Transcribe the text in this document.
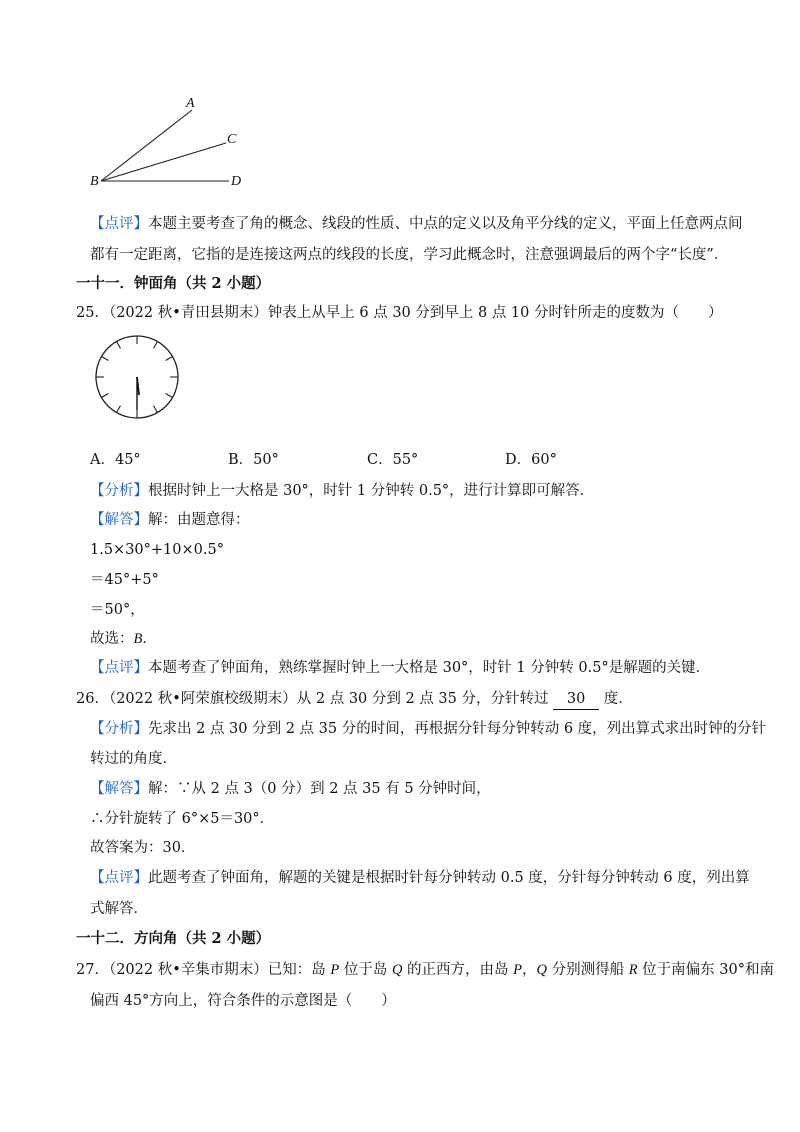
A
C
B	D
【点评】本题主要考查了角的概念、线段的性质、中点的定义以及角平分线的定义，平面上任意两点间
都有一定距离，它指的是连接这两点的线段的长度，学习此概念时，注意强调最后的两个字“长度”．
一十一．钟面角（共 2 小题）
25．（2022 秋•青田县期末）钟表上从早上 6 点 30 分到早上 8 点 10 分时针所走的度数为（　　）
A．45°	B．50°	C．55°	D．60°
【分析】根据时钟上一大格是 30°，时针 1 分钟转 0.5°，进行计算即可解答．
【解答】解：由题意得：
1.5×30°+10×0.5°
＝45°+5°
＝50°，
故选：B．
【点评】本题考查了钟面角，熟练掌握时钟上一大格是 30°，时针 1 分钟转 0.5°是解题的关键．
26．（2022 秋•阿荣旗校级期末）从 2 点 30 分到 2 点 35 分，分针转过 30 度．
【分析】先求出 2 点 30 分到 2 点 35 分的时间，再根据分针每分钟转动 6 度，列出算式求出时钟的分针
转过的角度．
【解答】解：∵从 2 点 3（0 分）到 2 点 35 有 5 分钟时间，
∴分针旋转了 6°×5＝30°．
故答案为：30．
【点评】此题考查了钟面角，解题的关键是根据时针每分钟转动 0.5 度，分针每分钟转动 6 度，列出算
式解答．
一十二．方向角（共 2 小题）
27．（2022 秋•辛集市期末）已知：岛 P 位于岛 Q 的正西方，由岛 P，Q 分别测得船 R 位于南偏东 30°和南
偏西 45°方向上，符合条件的示意图是（　　）
